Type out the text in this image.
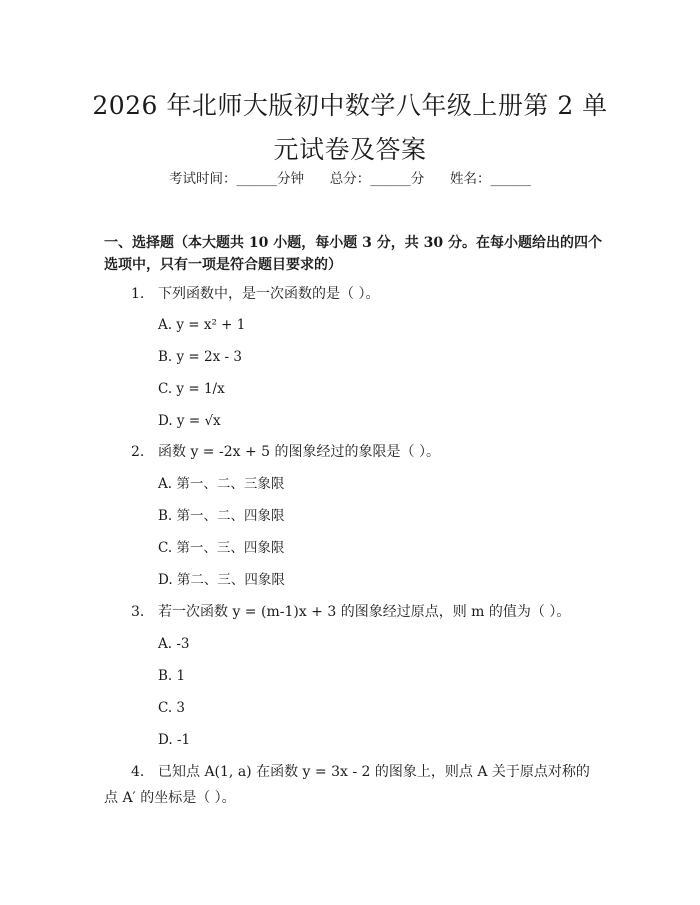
2026 年北师大版初中数学八年级上册第 2 单元试卷及答案
考试时间：______分钟 总分：______分 姓名：______
一、选择题（本大题共 10 小题，每小题 3 分，共 30 分。在每小题给出的四个选项中，只有一项是符合题目要求的）
1. 下列函数中，是一次函数的是（ ）。
A. y = x² + 1
B. y = 2x - 3
C. y = 1/x
D. y = √x
2. 函数 y = -2x + 5 的图象经过的象限是（ ）。
A. 第一、二、三象限
B. 第一、二、四象限
C. 第一、三、四象限
D. 第二、三、四象限
3. 若一次函数 y = (m-1)x + 3 的图象经过原点，则 m 的值为（ ）。
A. -3
B. 1
C. 3
D. -1
4. 已知点 A(1, a) 在函数 y = 3x - 2 的图象上，则点 A 关于原点对称的点 A′ 的坐标是（ ）。
